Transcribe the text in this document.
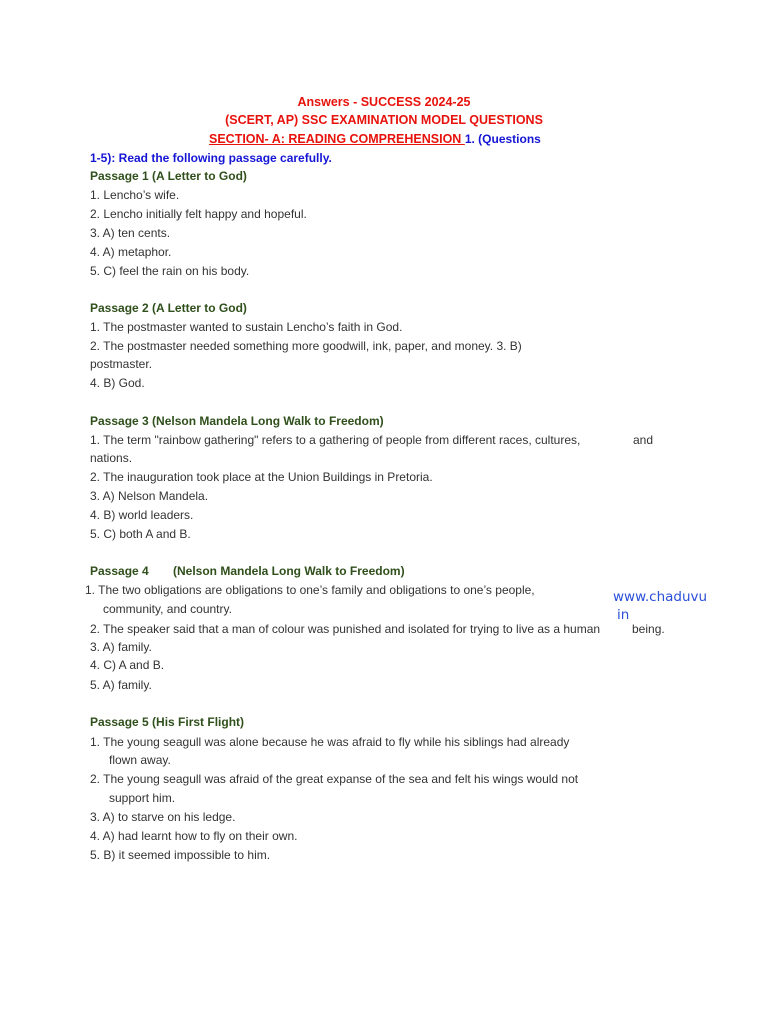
Answers - SUCCESS 2024-25
(SCERT, AP) SSC EXAMINATION MODEL QUESTIONS
SECTION- A: READING COMPREHENSION 1. (Questions
1-5): Read the following passage carefully.
Passage 1 (A Letter to God)
1. Lencho’s wife.
2. Lencho initially felt happy and hopeful.
3. A) ten cents.
4. A) metaphor.
5. C) feel the rain on his body.
Passage 2 (A Letter to God)
1. The postmaster wanted to sustain Lencho’s faith in God.
2. The postmaster needed something more goodwill, ink, paper, and money. 3. B)
postmaster.
4. B) God.
Passage 3 (Nelson Mandela Long Walk to Freedom)
1. The term "rainbow gathering" refers to a gathering of people from different races, cultures,	and
nations.
2. The inauguration took place at the Union Buildings in Pretoria.
3. A) Nelson Mandela.
4. B) world leaders.
5. C) both A and B.
Passage 4 (Nelson Mandela Long Walk to Freedom)
1. The two obligations are obligations to one’s family and obligations to one’s people,
community, and country.
2. The speaker said that a man of colour was punished and isolated for trying to live as a human	being.
3. A) family.
4. C) A and B.
5. A) family.
www.chaduvu
in
Passage 5 (His First Flight)
1. The young seagull was alone because he was afraid to fly while his siblings had already
flown away.
2. The young seagull was afraid of the great expanse of the sea and felt his wings would not
support him.
3. A) to starve on his ledge.
4. A) had learnt how to fly on their own.
5. B) it seemed impossible to him.
